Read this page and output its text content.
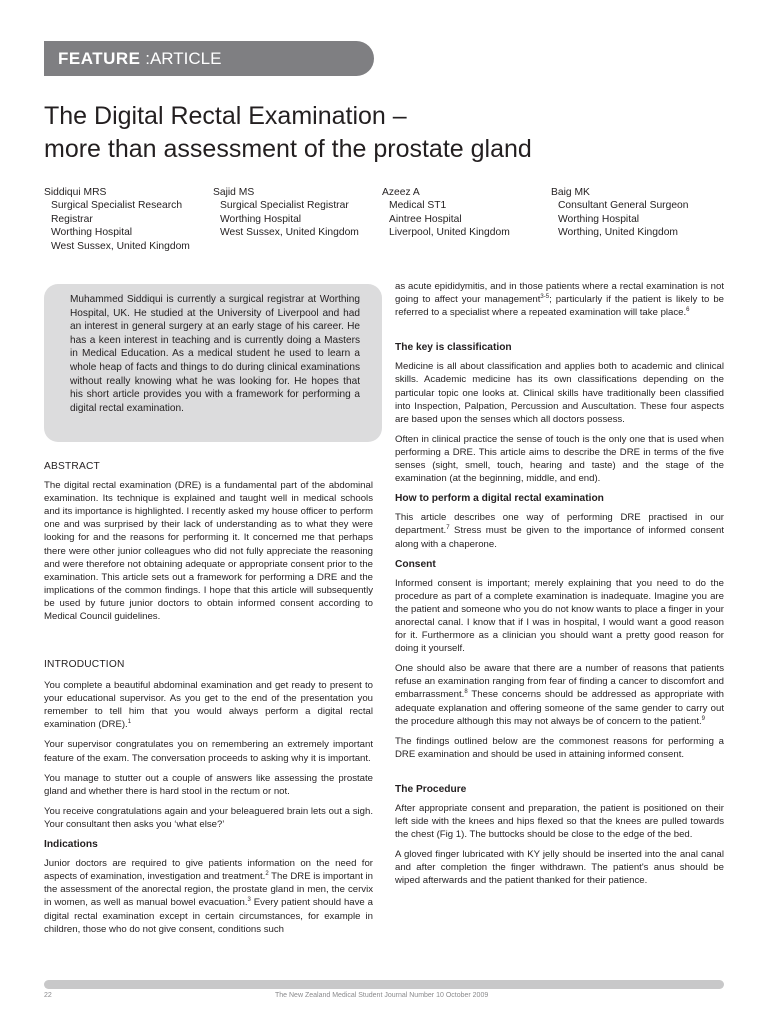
FEATURE :ARTICLE
The Digital Rectal Examination –
more than assessment of the prostate gland
Siddiqui MRS
Surgical Specialist Research
Registrar
Worthing Hospital
West Sussex, United Kingdom
Sajid MS
Surgical Specialist Registrar
Worthing Hospital
West Sussex, United Kingdom
Azeez A
Medical ST1
Aintree Hospital
Liverpool, United Kingdom
Baig MK
Consultant General Surgeon
Worthing Hospital
Worthing, United Kingdom
Muhammed Siddiqui is currently a surgical registrar at Worthing Hospital, UK. He studied at the University of Liverpool and had an interest in general surgery at an early stage of his career. He has a keen interest in teaching and is currently doing a Masters in Medical Education. As a medical student he used to learn a whole heap of facts and things to do during clinical examinations without really knowing what he was looking for. He hopes that his short article provides you with a framework for performing a digital rectal examination.
ABSTRACT

The digital rectal examination (DRE) is a fundamental part of the abdominal examination. Its technique is explained and taught well in medical schools and its importance is highlighted. I recently asked my house officer to perform one and was surprised by their lack of understanding as to what they were looking for and the reasons for performing it. It concerned me that perhaps there were other junior colleagues who did not fully appreciate the reasoning and were therefore not obtaining adequate or appropriate consent prior to the examination. This article sets out a framework for performing a DRE and the implications of the common findings. I hope that this article will subsequently be used by future junior doctors to obtain informed consent according to Medical Council guidelines.

INTRODUCTION

You complete a beautiful abdominal examination and get ready to present to your educational supervisor. As you get to the end of the presentation you remember to tell him that you would always perform a digital rectal examination (DRE).$^1$

Your supervisor congratulates you on remembering an extremely important feature of the exam. The conversation proceeds to asking why it is important.

You manage to stutter out a couple of answers like assessing the prostate gland and whether there is hard stool in the rectum or not.

You receive congratulations again and your beleaguered brain lets out a sigh. Your consultant then asks you ‘what else?’

Indications

Junior doctors are required to give patients information on the need for aspects of examination, investigation and treatment.$^2$ The DRE is important in the assessment of the anorectal region, the prostate gland in men, the cervix in women, as well as manual bowel evacuation.$^3$ Every patient should have a digital rectal examination except in certain circumstances, for example in children, those who do not give consent, conditions such

as acute epididymitis, and in those patients where a rectal examination is not going to affect your management$^{3-5}$; particularly if the patient is likely to be referred to a specialist where a repeated examination will take place.$^6$

The key is classification

Medicine is all about classification and applies both to academic and clinical skills. Academic medicine has its own classifications depending on the particular topic one looks at. Clinical skills have traditionally been classified into Inspection, Palpation, Percussion and Auscultation. These four aspects are based upon the senses which all doctors possess.

Often in clinical practice the sense of touch is the only one that is used when performing a DRE. This article aims to describe the DRE in terms of the five senses (sight, smell, touch, hearing and taste) and the stage of the examination (at the beginning, middle, and end).

How to perform a digital rectal examination

This article describes one way of performing DRE practised in our department.$^7$ Stress must be given to the importance of informed consent along with a chaperone.

Consent

Informed consent is important; merely explaining that you need to do the procedure as part of a complete examination is inadequate. Imagine you are the patient and someone who you do not know wants to place a finger in your anorectal canal. I know that if I was in hospital, I would want a good reason for it. Furthermore as a clinician you should want a pretty good reason for doing it yourself.

One should also be aware that there are a number of reasons that patients refuse an examination ranging from fear of finding a cancer to discomfort and embarrassment.$^8$ These concerns should be addressed as appropriate with adequate explanation and offering someone of the same gender to carry out the procedure although this may not always be of concern to the patient.$^9$

The findings outlined below are the commonest reasons for performing a DRE examination and should be used in attaining informed consent.

The Procedure

After appropriate consent and preparation, the patient is positioned on their left side with the knees and hips flexed so that the knees are pulled towards the chest (Fig 1). The buttocks should be close to the edge of the bed.

A gloved finger lubricated with KY jelly should be inserted into the anal canal and after completion the finger withdrawn. The patient's anus should be wiped afterwards and the patient thanked for their patience.

22	The New Zealand Medical Student Journal Number 10 October 2009
